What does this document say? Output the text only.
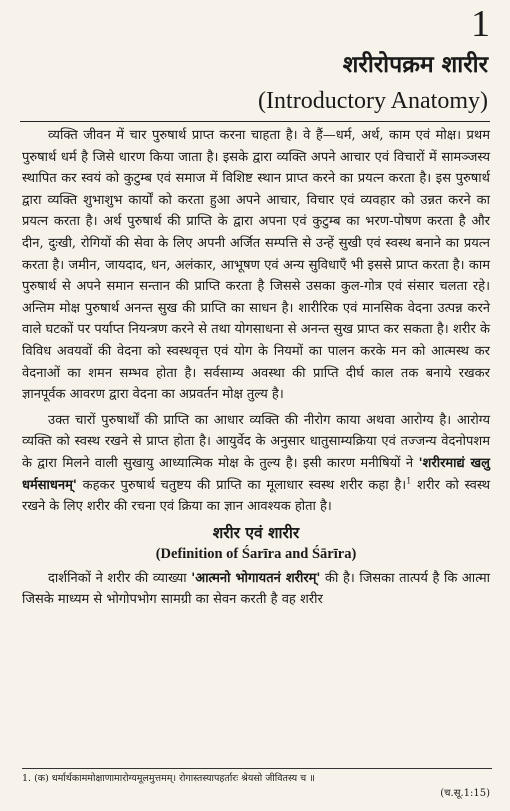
1
शरीरोपक्रम शारीर
(Introductory Anatomy)

व्यक्ति जीवन में चार पुरुषार्थ प्राप्त करना चाहता है। वे हैं—धर्म, अर्थ, काम एवं मोक्ष। प्रथम पुरुषार्थ धर्म है जिसे धारण किया जाता है। इसके द्वारा व्यक्ति अपने आचार एवं विचारों में सामञ्जस्य स्थापित कर स्वयं को कुटुम्ब एवं समाज में विशिष्ट स्थान प्राप्त करने का प्रयत्न करता है। इस पुरुषार्थ द्वारा व्यक्ति शुभाशुभ कार्यों को करता हुआ अपने आचार, विचार एवं व्यवहार को उन्नत करने का प्रयत्न करता है। अर्थ पुरुषार्थ की प्राप्ति के द्वारा अपना एवं कुटुम्ब का भरण-पोषण करता है और दीन, दुःखी, रोगियों की सेवा के लिए अपनी अर्जित सम्पत्ति से उन्हें सुखी एवं स्वस्थ बनाने का प्रयत्न करता है। जमीन, जायदाद, धन, अलंकार, आभूषण एवं अन्य सुविधाएँ भी इससे प्राप्त करता है। काम पुरुषार्थ से अपने समान सन्तान की प्राप्ति करता है जिससे उसका कुल-गोत्र एवं संसार चलता रहे। अन्तिम मोक्ष पुरुषार्थ अनन्त सुख की प्राप्ति का साधन है। शारीरिक एवं मानसिक वेदना उत्पन्न करने वाले घटकों पर पर्याप्त नियन्त्रण करने से तथा योगसाधना से अनन्त सुख प्राप्त कर सकता है। शरीर के विविध अवयवों की वेदना को स्वस्थवृत्त एवं योग के नियमों का पालन करके मन को आत्मस्थ कर वेदनाओं का शमन सम्भव होता है। सर्वसाम्य अवस्था की प्राप्ति दीर्घ काल तक बनाये रखकर ज्ञानपूर्वक आवरण द्वारा वेदना का अप्रवर्तन मोक्ष तुल्य है।

उक्त चारों पुरुषार्थों की प्राप्ति का आधार व्यक्ति की नीरोग काया अथवा आरोग्य है। आरोग्य व्यक्ति को स्वस्थ रखने से प्राप्त होता है। आयुर्वेद के अनुसार धातुसाम्यक्रिया एवं तज्जन्य वेदनोपशम के द्वारा मिलने वाली सुखायु आध्यात्मिक मोक्ष के तुल्य है। इसी कारण मनीषियों ने 'शरीरमाद्यं खलु धर्मसाधनम्' कहकर पुरुषार्थ चतुष्टय की प्राप्ति का मूलाधार स्वस्थ शरीर कहा है।$^1$ शरीर को स्वस्थ रखने के लिए शरीर की रचना एवं क्रिया का ज्ञान आवश्यक होता है।

शरीर एवं शारीर
(Definition of Śarīra and Śārīra)

दार्शनिकों ने शरीर की व्याख्या 'आत्मनो भोगायतनं शरीरम्' की है। जिसका तात्पर्य है कि आत्मा जिसके माध्यम से भोगोपभोग सामग्री का सेवन करती है वह शरीर

1. (क) धर्मार्थकाममोक्षाणामारोग्यमूलमुत्तमम्। रोगास्तस्यापहर्तारः श्रेयसो जीवितस्य च ॥
(च.सू.1:15)
